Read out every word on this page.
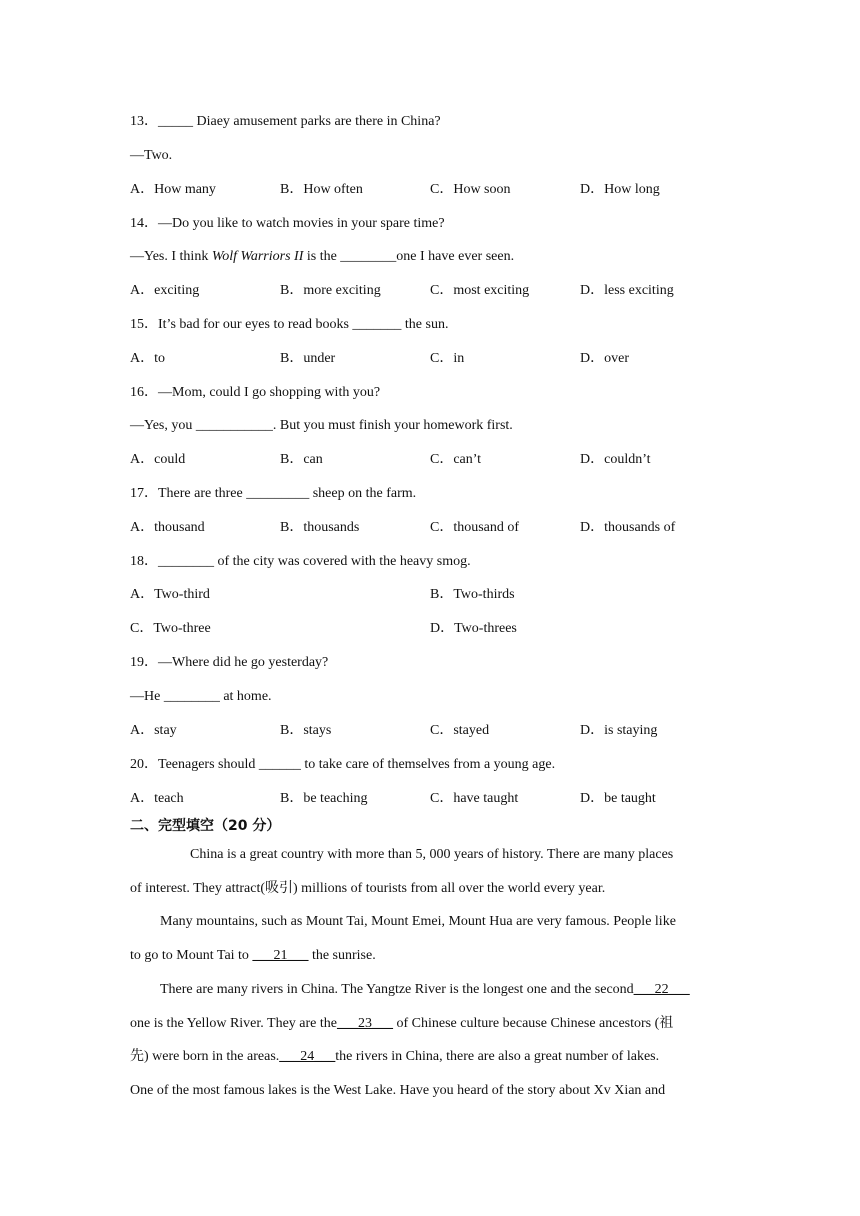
13．_____ Diaey amusement parks are there in China?
—Two.
A．How many	B．How often	C．How soon	D．How long
14．—Do you like to watch movies in your spare time?
—Yes. I think Wolf Warriors II is the ________one I have ever seen.
A．exciting	B．more exciting	C．most exciting	D．less exciting
15．It’s bad for our eyes to read books _______ the sun.
A．to	B．under	C．in	D．over
16．—Mom, could I go shopping with you?
—Yes, you ___________. But you must finish your homework first.
A．could	B．can	C．can’t	D．couldn’t
17．There are three _________ sheep on the farm.
A．thousand	B．thousands	C．thousand of	D．thousands of
18．________ of the city was covered with the heavy smog.
A．Two-third	B．Two-thirds
C．Two-three	D．Two-threes
19．—Where did he go yesterday?
—He ________ at home.
A．stay	B．stays	C．stayed	D．is staying
20．Teenagers should ______ to take care of themselves from a young age.
A．teach	B．be teaching	C．have taught	D．be taught
二、完型填空（20 分）
China is a great country with more than 5, 000 years of history. There are many places
of interest. They attract(吸引) millions of tourists from all over the world every year.
Many mountains, such as Mount Tai, Mount Emei, Mount Hua are very famous. People like
to go to Mount Tai to ___21___ the sunrise.
There are many rivers in China. The Yangtze River is the longest one and the second___22___
one is the Yellow River. They are the___23___ of Chinese culture because Chinese ancestors (祖
先) were born in the areas.___24___the rivers in China, there are also a great number of lakes.
One of the most famous lakes is the West Lake. Have you heard of the story about Xv Xian and
